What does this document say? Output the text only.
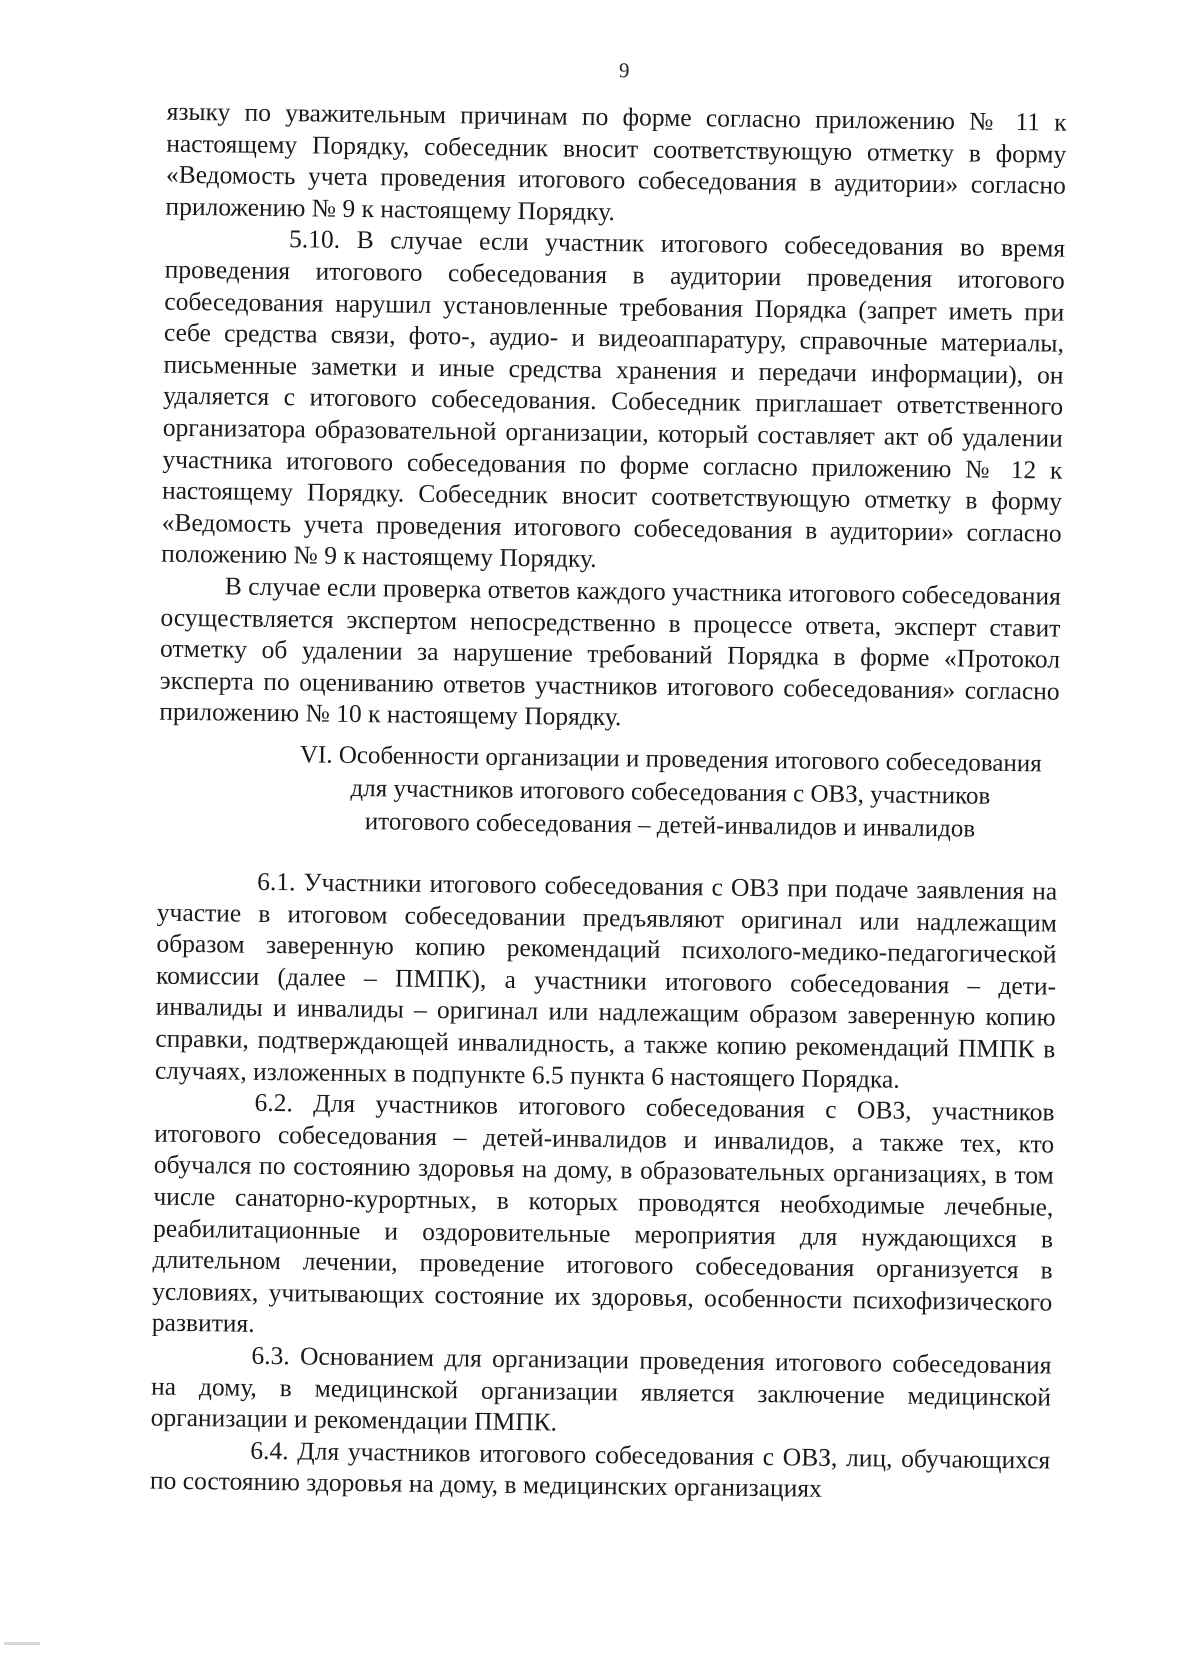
9

языку по уважительным причинам по форме согласно приложению № 11 к настоящему Порядку, собеседник вносит соответствующую отметку в форму «Ведомость учета проведения итогового собеседования в аудитории» согласно приложению № 9 к настоящему Порядку.

5.10. В случае если участник итогового собеседования во время проведения итогового собеседования в аудитории проведения итогового собеседования нарушил установленные требования Порядка (запрет иметь при себе средства связи, фото-, аудио- и видеоаппаратуру, справочные материалы, письменные заметки и иные средства хранения и передачи информации), он удаляется с итогового собеседования. Собеседник приглашает ответственного организатора образовательной организации, который составляет акт об удалении участника итогового собеседования по форме согласно приложению № 12 к настоящему Порядку. Собеседник вносит соответствующую отметку в форму «Ведомость учета проведения итогового собеседования в аудитории» согласно положению № 9 к настоящему Порядку.

В случае если проверка ответов каждого участника итогового собеседования осуществляется экспертом непосредственно в процессе ответа, эксперт ставит отметку об удалении за нарушение требований Порядка в форме «Протокол эксперта по оцениванию ответов участников итогового собеседования» согласно приложению № 10 к настоящему Порядку.

VI. Особенности организации и проведения итогового собеседования
для участников итогового собеседования с ОВЗ, участников
итогового собеседования – детей-инвалидов и инвалидов

6.1. Участники итогового собеседования с ОВЗ при подаче заявления на участие в итоговом собеседовании предъявляют оригинал или надлежащим образом заверенную копию рекомендаций психолого-медико-педагогической комиссии (далее – ПМПК), а участники итогового собеседования – дети-инвалиды и инвалиды – оригинал или надлежащим образом заверенную копию справки, подтверждающей инвалидность, а также копию рекомендаций ПМПК в случаях, изложенных в подпункте 6.5 пункта 6 настоящего Порядка.

6.2. Для участников итогового собеседования с ОВЗ, участников итогового собеседования – детей-инвалидов и инвалидов, а также тех, кто обучался по состоянию здоровья на дому, в образовательных организациях, в том числе санаторно-курортных, в которых проводятся необходимые лечебные, реабилитационные и оздоровительные мероприятия для нуждающихся в длительном лечении, проведение итогового собеседования организуется в условиях, учитывающих состояние их здоровья, особенности психофизического развития.

6.3. Основанием для организации проведения итогового собеседования на дому, в медицинской организации является заключение медицинской организации и рекомендации ПМПК.

6.4. Для участников итогового собеседования с ОВЗ, лиц, обучающихся по состоянию здоровья на дому, в медицинских организациях
